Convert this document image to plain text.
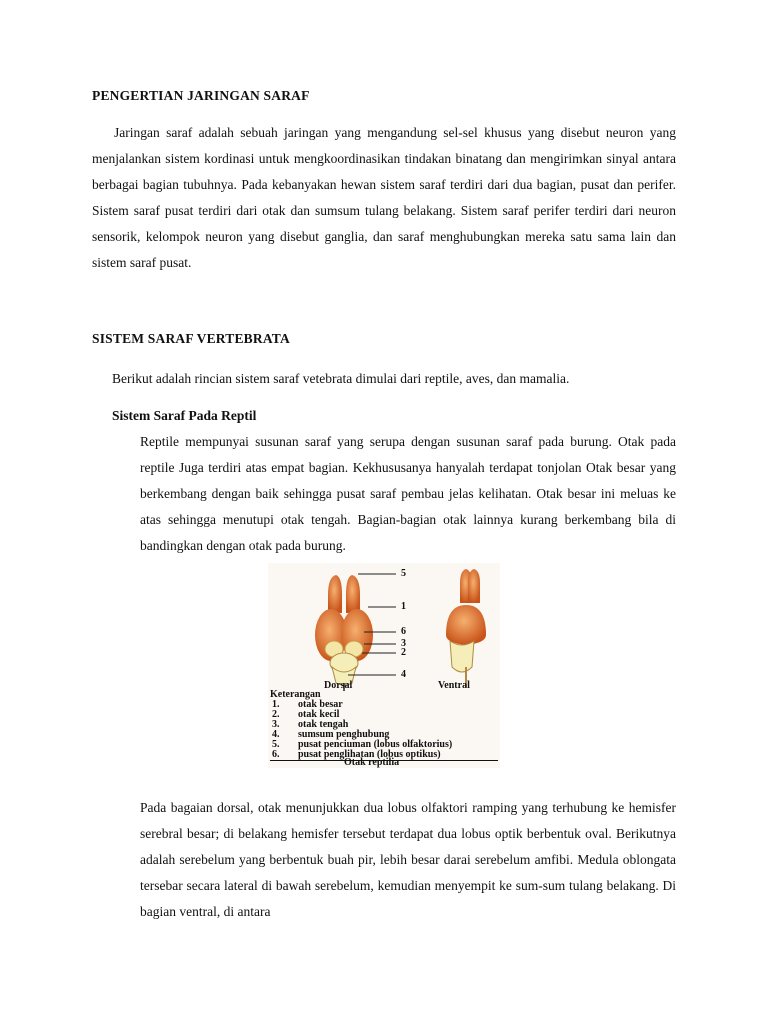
PENGERTIAN JARINGAN SARAF
Jaringan saraf adalah sebuah jaringan yang mengandung sel-sel khusus yang disebut neuron yang menjalankan sistem kordinasi untuk mengkoordinasikan tindakan binatang dan mengirimkan sinyal antara berbagai bagian tubuhnya. Pada kebanyakan hewan sistem saraf terdiri dari dua bagian, pusat dan perifer. Sistem saraf pusat terdiri dari otak dan sumsum tulang belakang. Sistem saraf perifer terdiri dari neuron sensorik, kelompok neuron yang disebut ganglia, dan saraf menghubungkan mereka satu sama lain dan sistem saraf pusat.
SISTEM SARAF VERTEBRATA
Berikut adalah rincian sistem saraf vetebrata dimulai dari reptile, aves, dan mamalia.
Sistem Saraf Pada Reptil
Reptile mempunyai susunan saraf yang serupa dengan susunan saraf pada burung. Otak pada reptile Juga terdiri atas empat bagian. Kekhususanya hanyalah terdapat tonjolan Otak besar yang berkembang dengan baik sehingga pusat saraf pembau jelas kelihatan. Otak besar ini meluas ke atas sehingga menutupi otak tengah. Bagian-bagian otak lainnya kurang berkembang bila di bandingkan dengan otak pada burung.
5
1
6
3
2
4
Dorsal	Ventral
Keterangan
1. otak besar
2. otak kecil
3. otak tengah
4. sumsum penghubung
5. pusat penciuman (lobus olfaktorius)
6. pusat penglihatan (lobus optikus)
Otak reptilia
Pada bagaian dorsal, otak menunjukkan dua lobus olfaktori ramping yang terhubung ke hemisfer serebral besar; di belakang hemisfer tersebut terdapat dua lobus optik berbentuk oval. Berikutnya adalah serebelum yang berbentuk buah pir, lebih besar darai serebelum amfibi. Medula oblongata tersebar secara lateral di bawah serebelum, kemudian menyempit ke sum-sum tulang belakang. Di bagian ventral, di antara
